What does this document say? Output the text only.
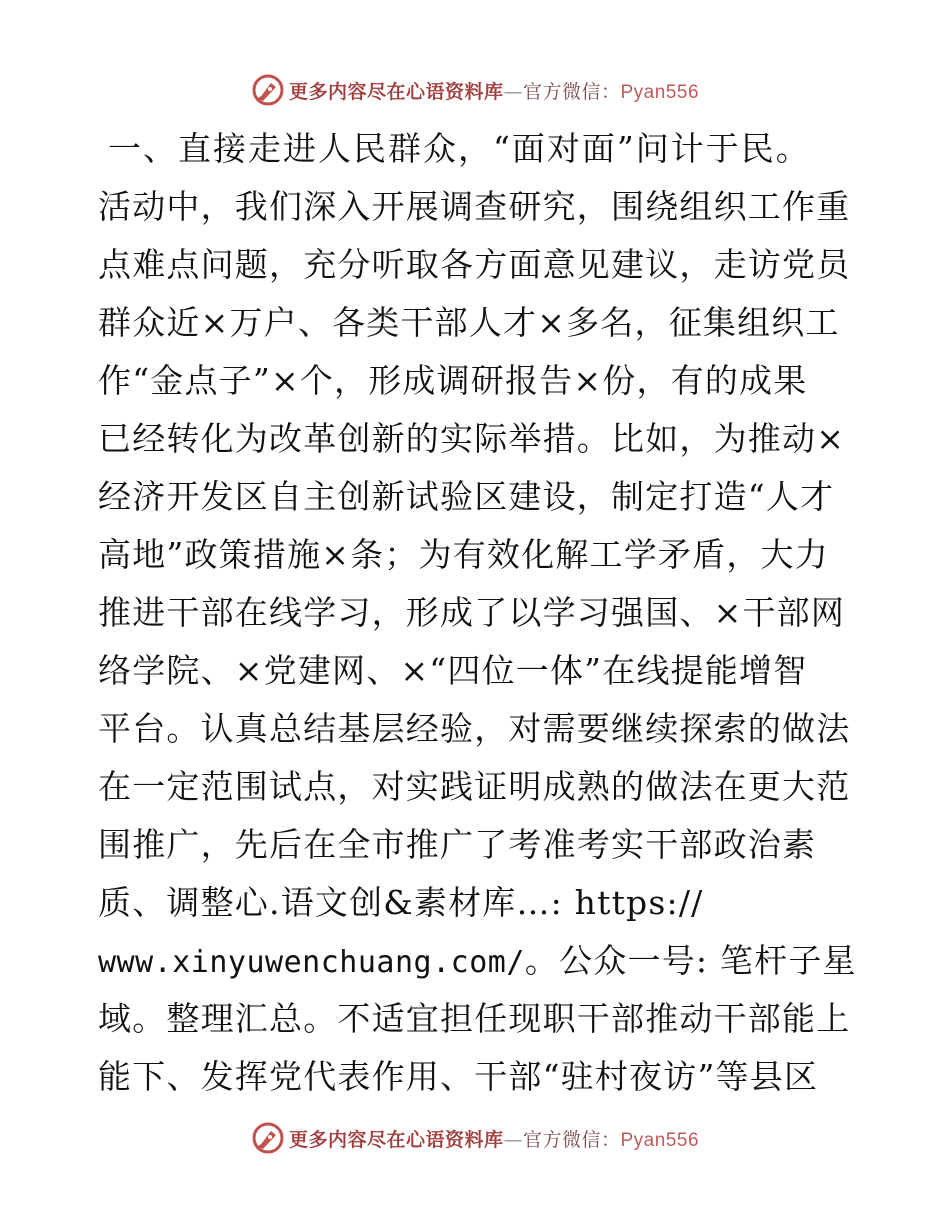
更多内容尽在心语资料库—官方微信：Pyan556
一、直接走进人民群众，“面对面”问计于民。
活动中，我们深入开展调查研究，围绕组织工作重
点难点问题，充分听取各方面意见建议，走访党员
群众近×万户、各类干部人才×多名，征集组织工
作“金点子”×个，形成调研报告×份，有的成果
已经转化为改革创新的实际举措。比如，为推动×
经济开发区自主创新试验区建设，制定打造“人才
高地”政策措施×条；为有效化解工学矛盾，大力
推进干部在线学习，形成了以学习强国、×干部网
络学院、×党建网、×“四位一体”在线提能增智
平台。认真总结基层经验，对需要继续探索的做法
在一定范围试点，对实践证明成熟的做法在更大范
围推广，先后在全市推广了考准考实干部政治素
质、调整心.语文创&素材库…: https://
www.xinyuwenchuang.com/。公众一号: 笔杆子星
域。整理汇总。不适宜担任现职干部推动干部能上
能下、发挥党代表作用、干部“驻村夜访”等县区
更多内容尽在心语资料库—官方微信：Pyan556
